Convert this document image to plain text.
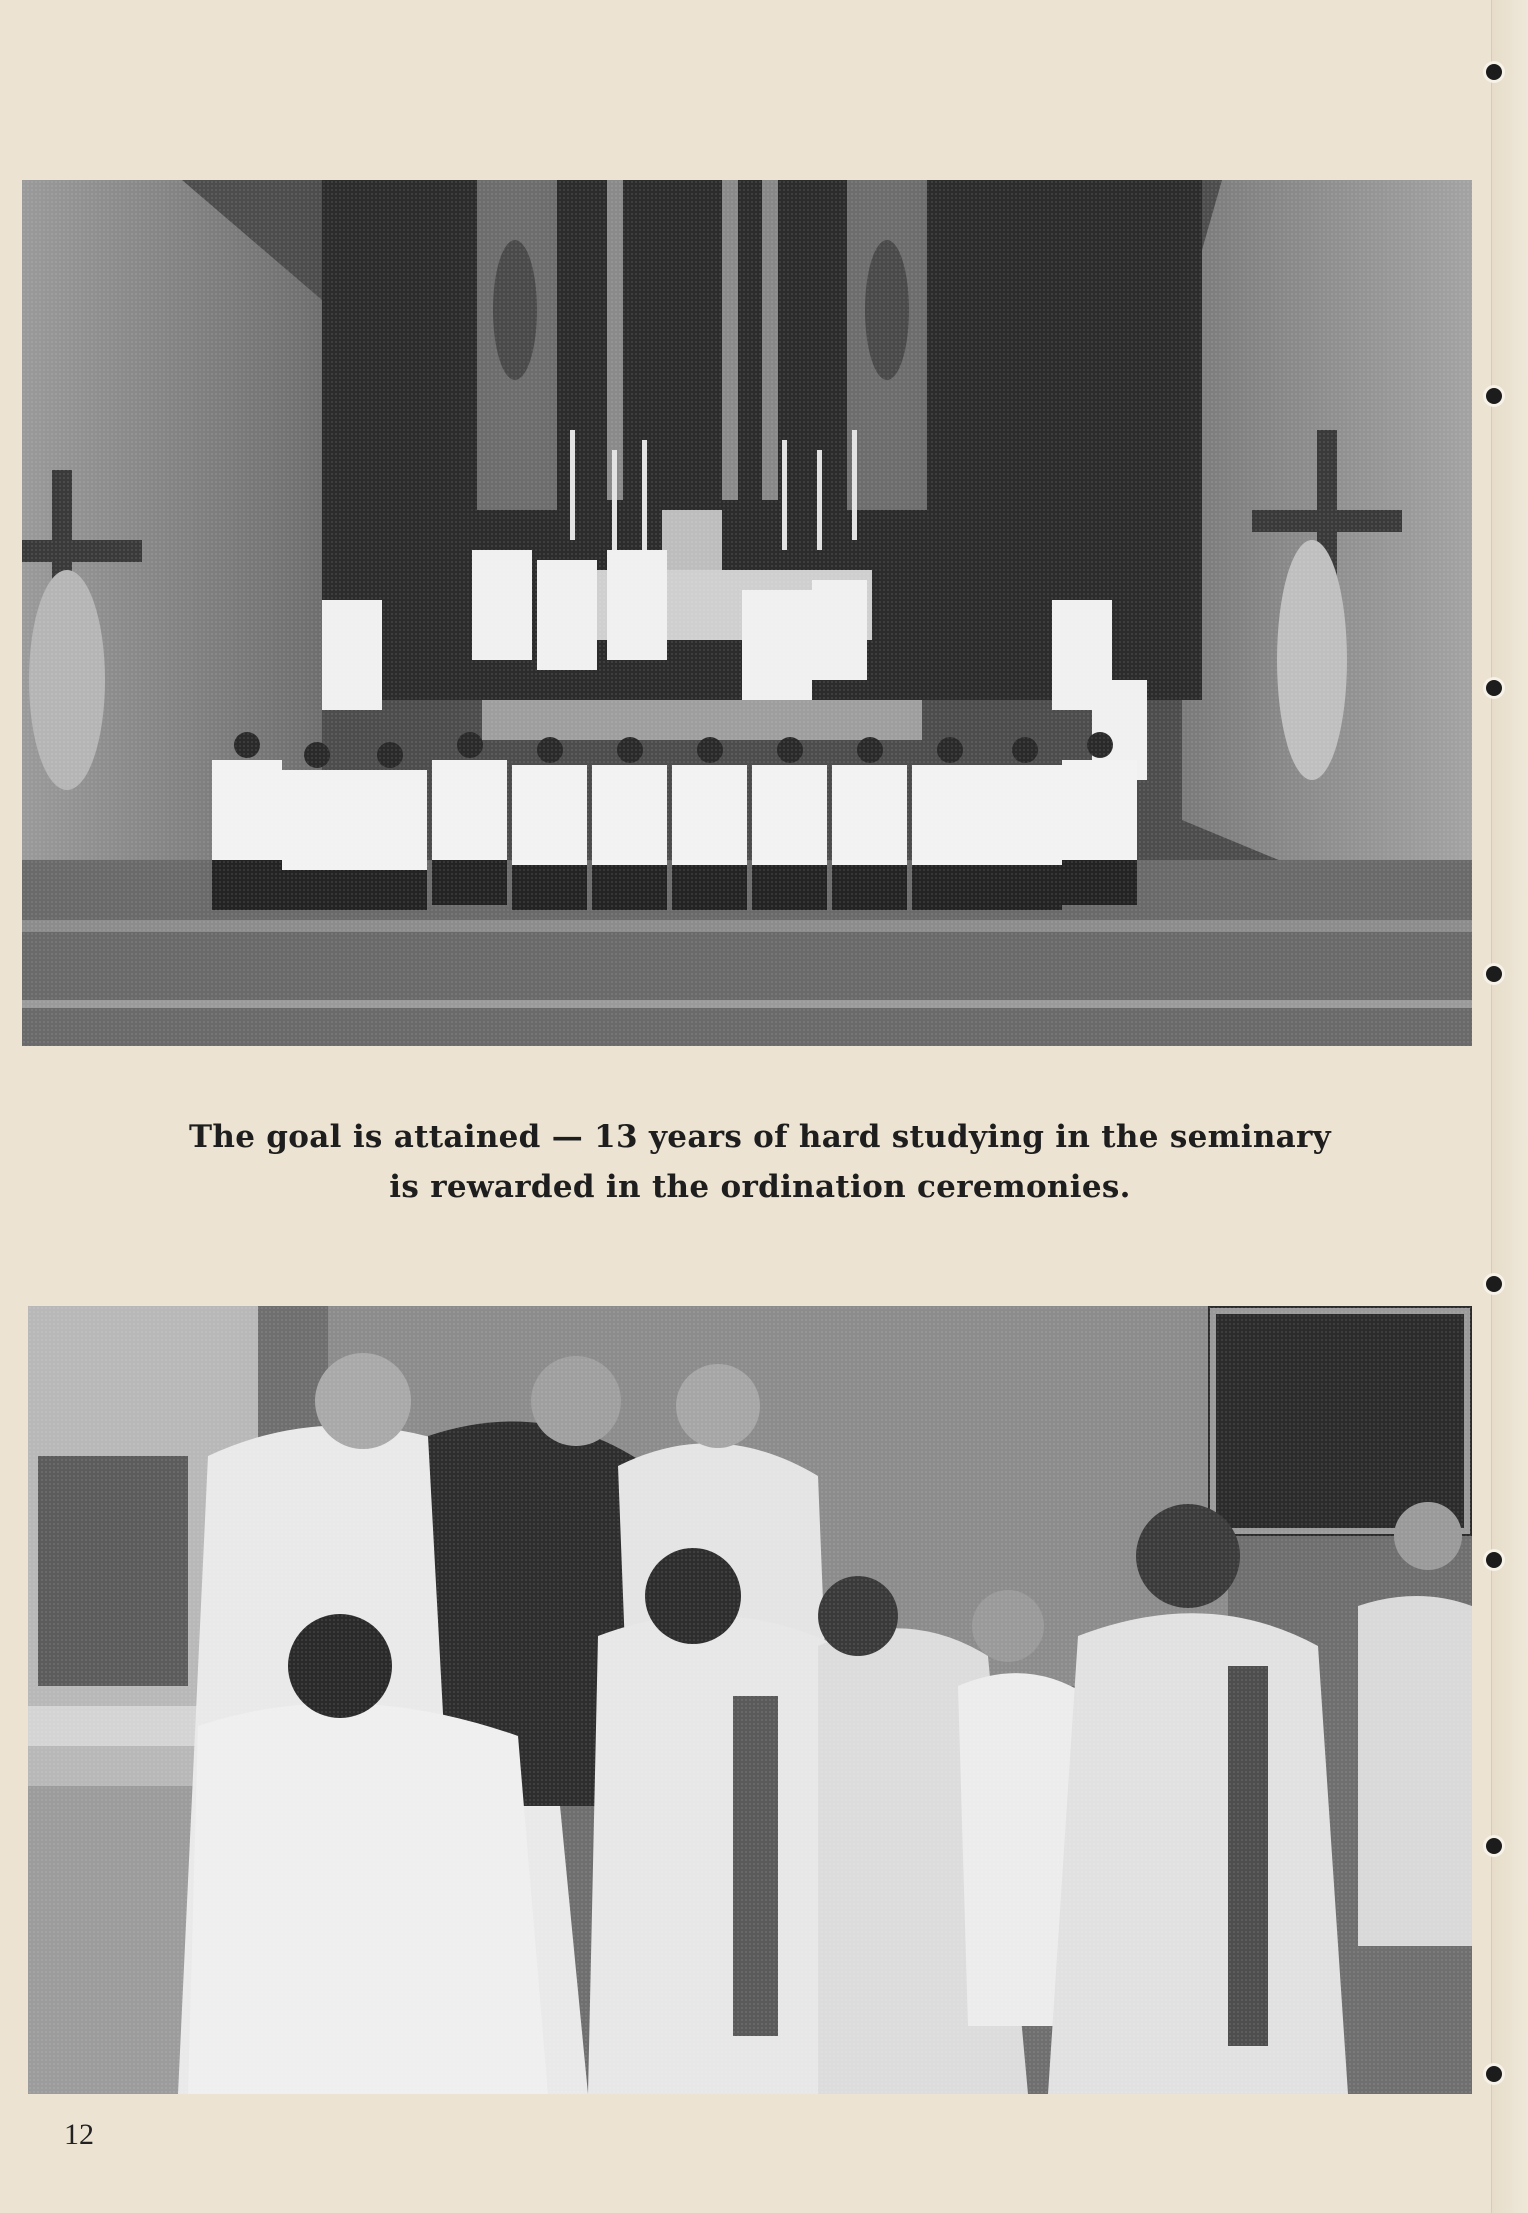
The goal is attained — 13 years of hard studying in the seminary
is rewarded in the ordination ceremonies.
12
